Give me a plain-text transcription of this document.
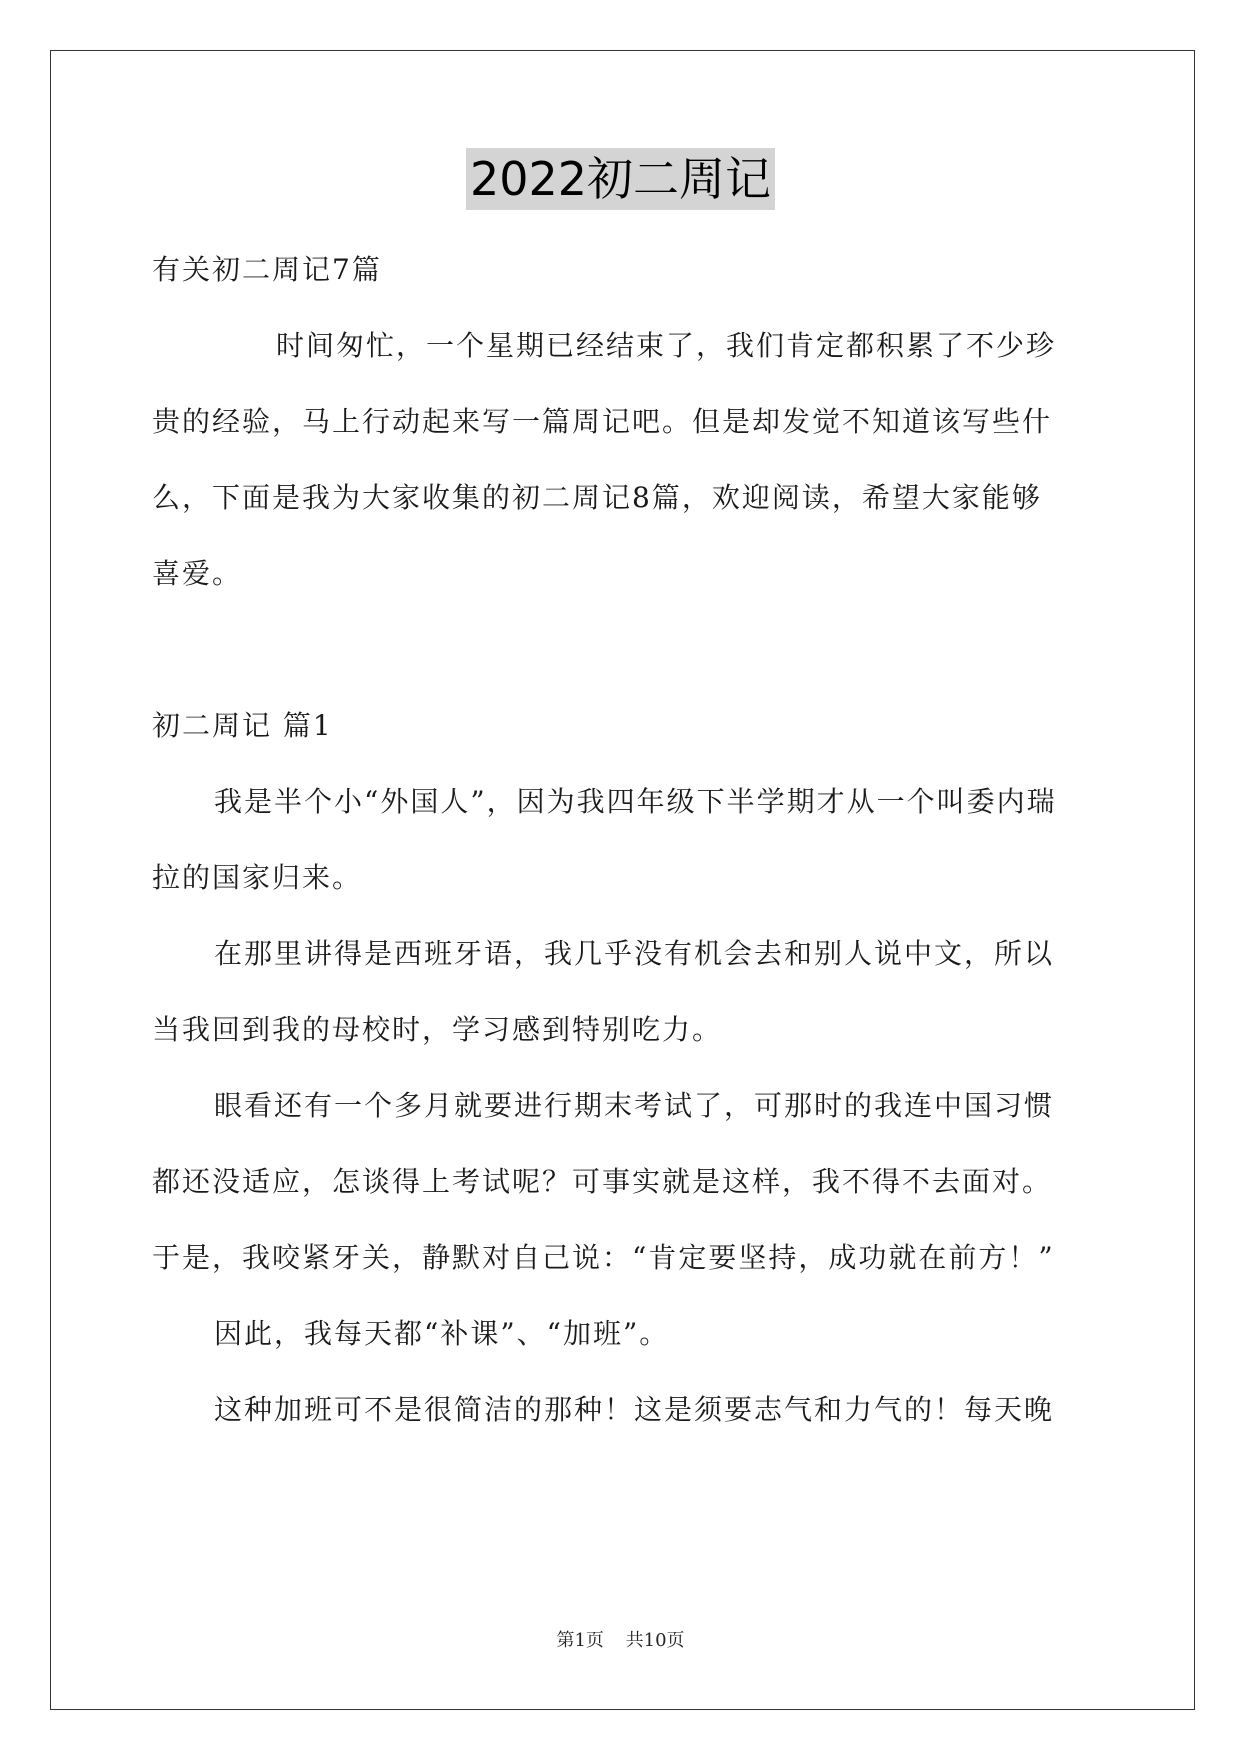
2022初二周记
有关初二周记7篇
时间匆忙，一个星期已经结束了，我们肯定都积累了不少珍
贵的经验，马上行动起来写一篇周记吧。但是却发觉不知道该写些什
么，下面是我为大家收集的初二周记8篇，欢迎阅读，希望大家能够
喜爱。
初二周记 篇1
我是半个小“外国人”，因为我四年级下半学期才从一个叫委内瑞
拉的国家归来。
在那里讲得是西班牙语，我几乎没有机会去和别人说中文，所以
当我回到我的母校时，学习感到特别吃力。
眼看还有一个多月就要进行期末考试了，可那时的我连中国习惯
都还没适应，怎谈得上考试呢？可事实就是这样，我不得不去面对。
于是，我咬紧牙关，静默对自己说：“肯定要坚持，成功就在前方！”
因此，我每天都“补课”、“加班”。
这种加班可不是很简洁的那种！这是须要志气和力气的！每天晚
第1页 共10页
